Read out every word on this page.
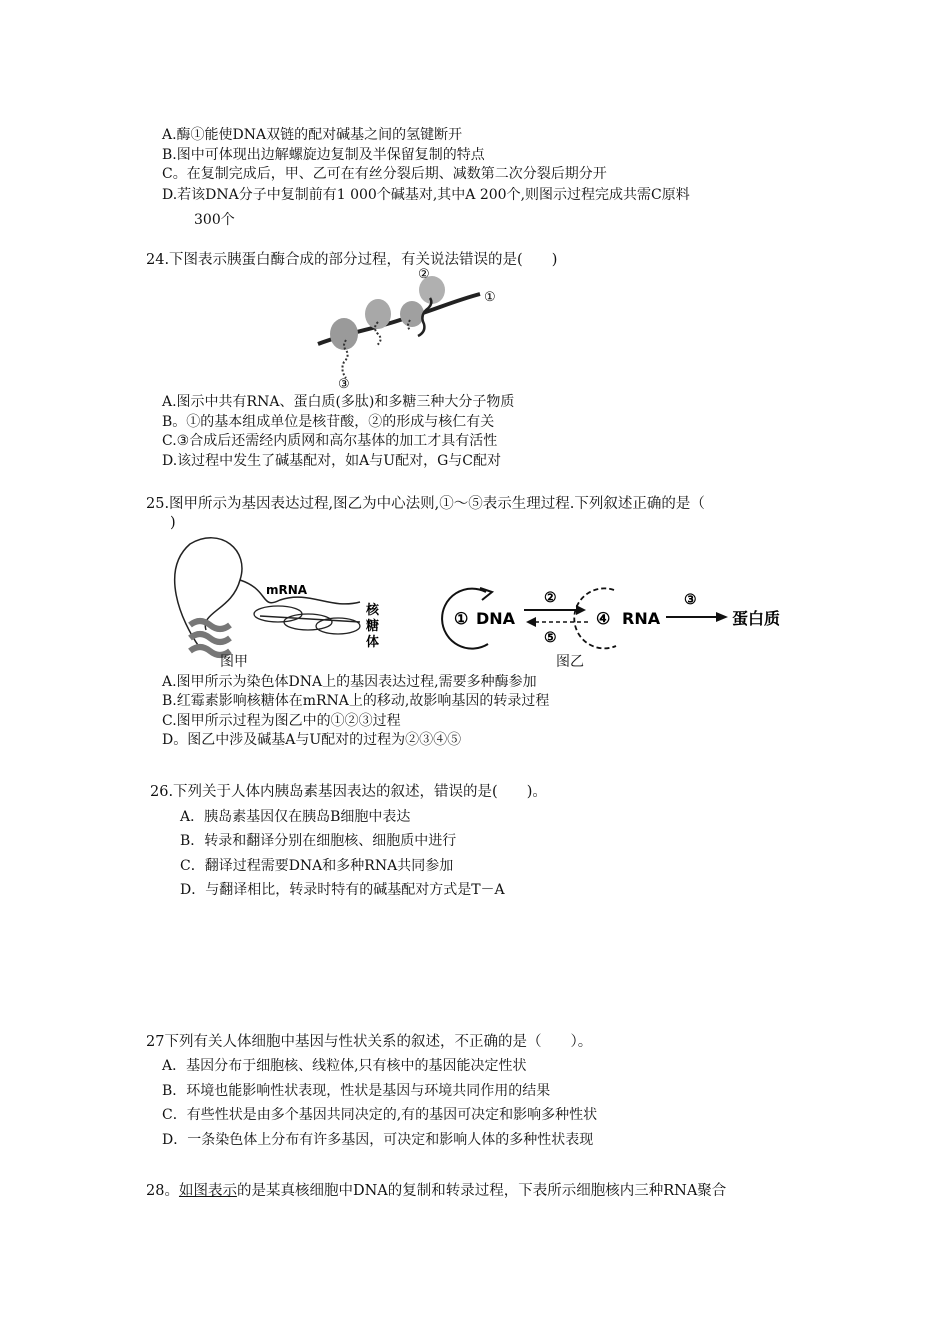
A.酶①能使DNA双链的配对碱基之间的氢键断开
B.图中可体现出边解螺旋边复制及半保留复制的特点
C。在复制完成后，甲、乙可在有丝分裂后期、减数第二次分裂后期分开
D.若该DNA分子中复制前有1 000个碱基对,其中A 200个,则图示过程完成共需C原料
300个
24.下图表示胰蛋白酶合成的部分过程，有关说法错误的是(　　)
②
①
③
A.图示中共有RNA、蛋白质(多肽)和多糖三种大分子物质
B。①的基本组成单位是核苷酸，②的形成与核仁有关
C.③合成后还需经内质网和高尔基体的加工才具有活性
D.该过程中发生了碱基配对，如A与U配对，G与C配对
25.图甲所示为基因表达过程,图乙为中心法则,①～⑤表示生理过程.下列叙述正确的是（
)
mRNA
核
糖
体
图甲
① DNA
②
⑤
④ RNA
③
蛋白质
图乙
A.图甲所示为染色体DNA上的基因表达过程,需要多种酶参加
B.红霉素影响核糖体在mRNA上的移动,故影响基因的转录过程
C.图甲所示过程为图乙中的①②③过程
D。图乙中涉及碱基A与U配对的过程为②③④⑤
26.下列关于人体内胰岛素基因表达的叙述，错误的是(　　)。
A．胰岛素基因仅在胰岛B细胞中表达
B．转录和翻译分别在细胞核、细胞质中进行
C．翻译过程需要DNA和多种RNA共同参加
D．与翻译相比，转录时特有的碱基配对方式是T－A
27下列有关人体细胞中基因与性状关系的叙述，不正确的是（　　）。
A．基因分布于细胞核、线粒体,只有核中的基因能决定性状
B．环境也能影响性状表现，性状是基因与环境共同作用的结果
C．有些性状是由多个基因共同决定的,有的基因可决定和影响多种性状
D．一条染色体上分布有许多基因，可决定和影响人体的多种性状表现
28。如图表示的是某真核细胞中DNA的复制和转录过程，下表所示细胞核内三种RNA聚合
